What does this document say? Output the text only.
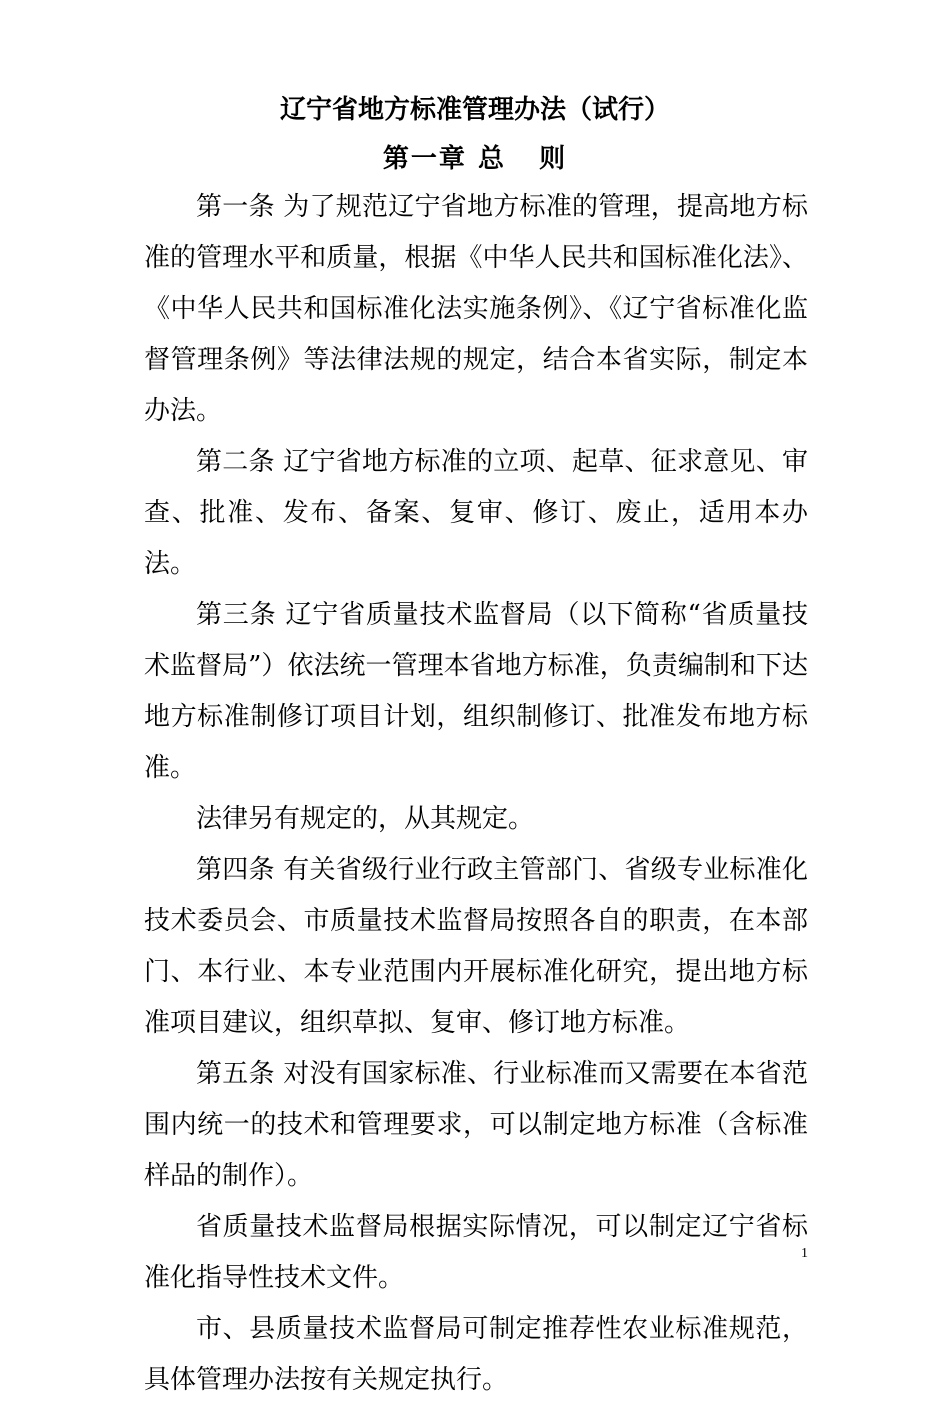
辽宁省地方标准管理办法（试行）
第一章 总   则

第一条 为了规范辽宁省地方标准的管理，提高地方标准的管理水平和质量，根据《中华人民共和国标准化法》、《中华人民共和国标准化法实施条例》、《辽宁省标准化监督管理条例》等法律法规的规定，结合本省实际，制定本办法。

第二条 辽宁省地方标准的立项、起草、征求意见、审查、批准、发布、备案、复审、修订、废止，适用本办法。

第三条 辽宁省质量技术监督局（以下简称“省质量技术监督局”）依法统一管理本省地方标准，负责编制和下达地方标准制修订项目计划，组织制修订、批准发布地方标准。

法律另有规定的，从其规定。

第四条 有关省级行业行政主管部门、省级专业标准化技术委员会、市质量技术监督局按照各自的职责，在本部门、本行业、本专业范围内开展标准化研究，提出地方标准项目建议，组织草拟、复审、修订地方标准。

第五条 对没有国家标准、行业标准而又需要在本省范围内统一的技术和管理要求，可以制定地方标准（含标准样品的制作）。

省质量技术监督局根据实际情况，可以制定辽宁省标准化指导性技术文件。

市、县质量技术监督局可制定推荐性农业标准规范，具体管理办法按有关规定执行。

1
